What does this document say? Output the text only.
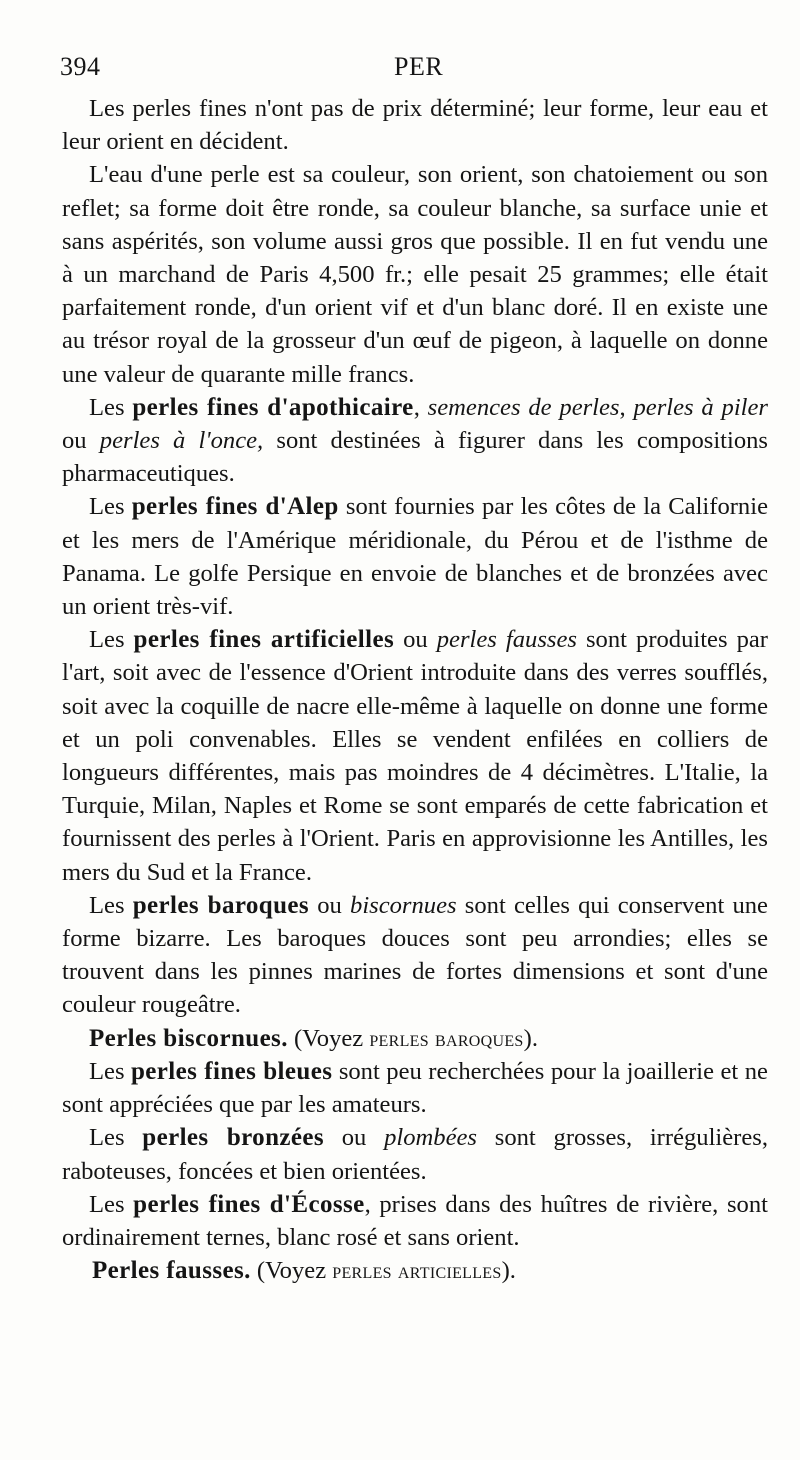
394	PER

Les perles fines n'ont pas de prix déterminé; leur forme, leur eau et leur orient en décident.

L'eau d'une perle est sa couleur, son orient, son chatoiement ou son reflet; sa forme doit être ronde, sa couleur blanche, sa surface unie et sans aspérités, son volume aussi gros que possible. Il en fut vendu une à un marchand de Paris 4,500 fr.; elle pesait 25 grammes; elle était parfaitement ronde, d'un orient vif et d'un blanc doré. Il en existe une au trésor royal de la grosseur d'un œuf de pigeon, à laquelle on donne une valeur de quarante mille francs.

Les perles fines d'apothicaire, semences de perles, perles à piler ou perles à l'once, sont destinées à figurer dans les compositions pharmaceutiques.

Les perles fines d'Alep sont fournies par les côtes de la Californie et les mers de l'Amérique méridionale, du Pérou et de l'isthme de Panama. Le golfe Persique en envoie de blanches et de bronzées avec un orient très-vif.

Les perles fines artificielles ou perles fausses sont produites par l'art, soit avec de l'essence d'Orient introduite dans des verres soufflés, soit avec la coquille de nacre elle-même à laquelle on donne une forme et un poli convenables. Elles se vendent enfilées en colliers de longueurs différentes, mais pas moindres de 4 décimètres. L'Italie, la Turquie, Milan, Naples et Rome se sont emparés de cette fabrication et fournissent des perles à l'Orient. Paris en approvisionne les Antilles, les mers du Sud et la France.

Les perles baroques ou biscornues sont celles qui conservent une forme bizarre. Les baroques douces sont peu arrondies; elles se trouvent dans les pinnes marines de fortes dimensions et sont d'une couleur rougeâtre.

Perles biscornues. (Voyez perles baroques).

Les perles fines bleues sont peu recherchées pour la joaillerie et ne sont appréciées que par les amateurs.

Les perles bronzées ou plombées sont grosses, irrégulières, raboteuses, foncées et bien orientées.

Les perles fines d'Écosse, prises dans des huîtres de rivière, sont ordinairement ternes, blanc rosé et sans orient.

Perles fausses. (Voyez perles articielles).
